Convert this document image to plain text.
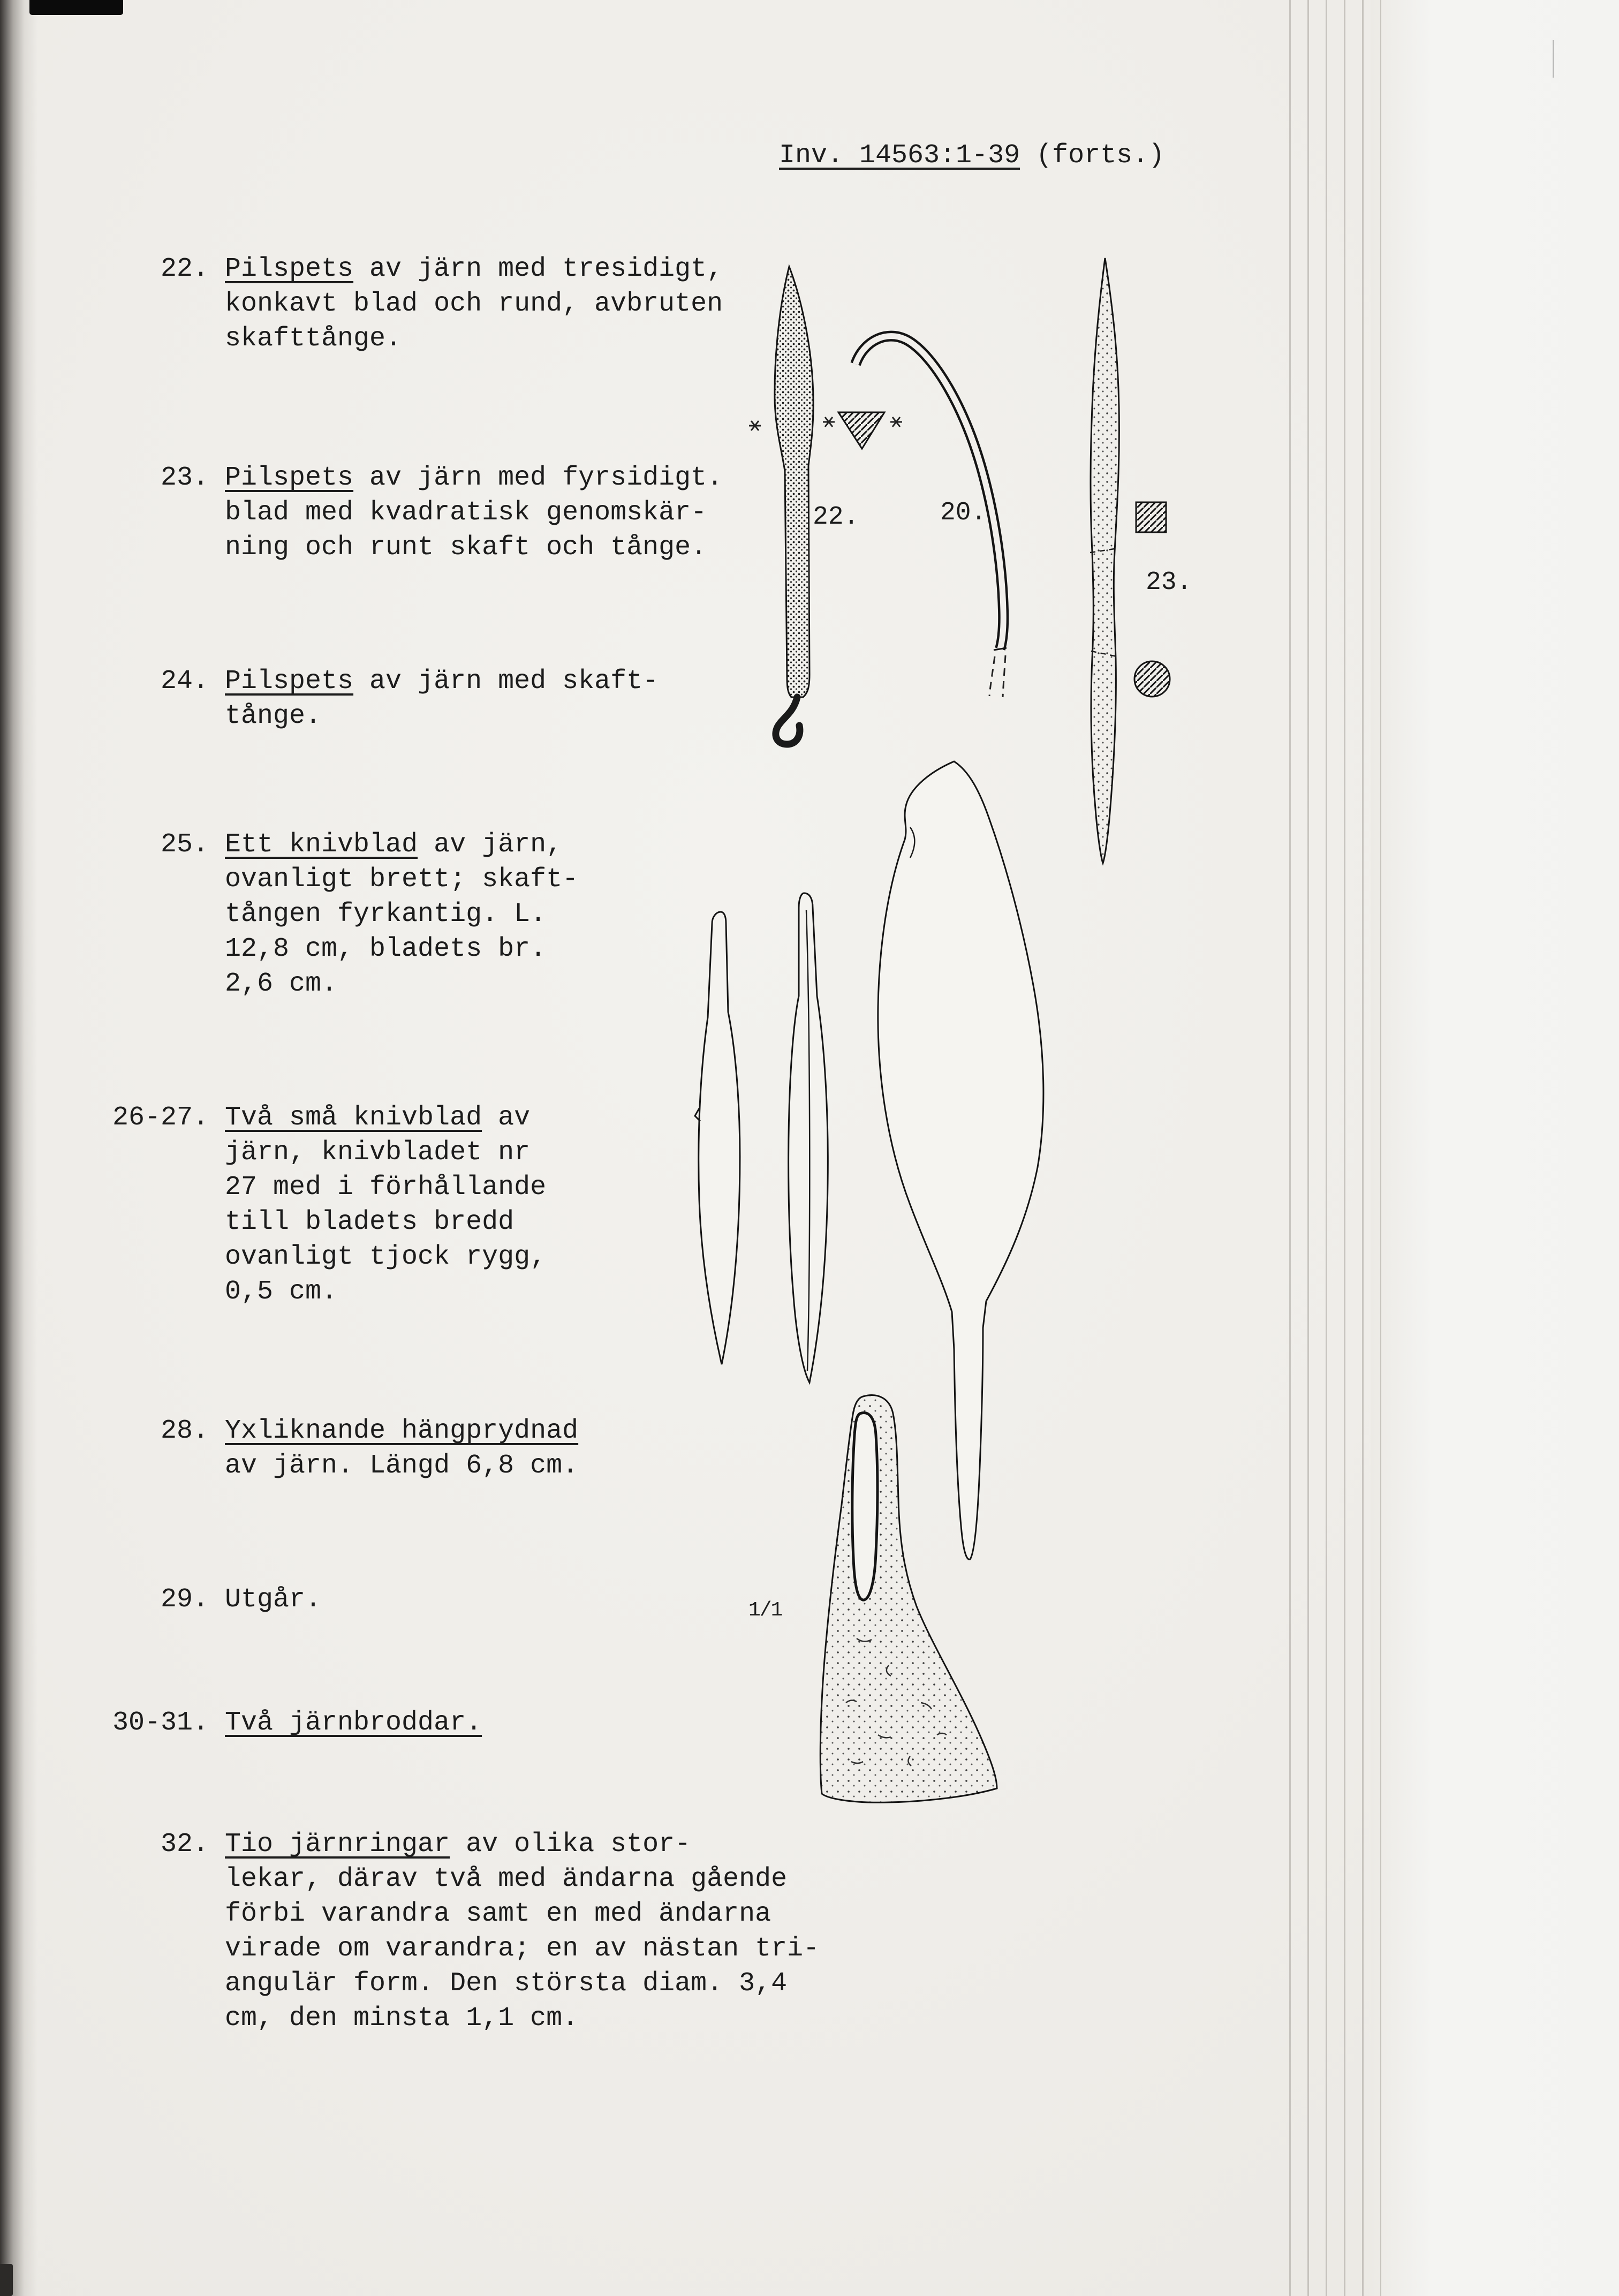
Inv. 14563:1-39 (forts.)
22. Pilspets av järn med tresidigt,
konkavt blad och rund, avbruten
skafttånge.
23. Pilspets av järn med fyrsidigt.
blad med kvadratisk genomskär-
ning och runt skaft och tånge.
24. Pilspets av järn med skaft-
tånge.
25. Ett knivblad av järn,
ovanligt brett; skaft-
tången fyrkantig. L.
12,8 cm, bladets br.
2,6 cm.
26-27. Två små knivblad av
järn, knivbladet nr
27 med i förhållande
till bladets bredd
ovanligt tjock rygg,
0,5 cm.
28. Yxliknande hängprydnad
av järn. Längd 6,8 cm.
29. Utgår.
30-31. Två järnbroddar.
32. Tio järnringar av olika stor-
lekar, därav två med ändarna gående
förbi varandra samt en med ändarna
virade om varandra; en av nästan tri-
angulär form. Den största diam. 3,4
cm, den minsta 1,1 cm.
22.	20.
23.
1/1
